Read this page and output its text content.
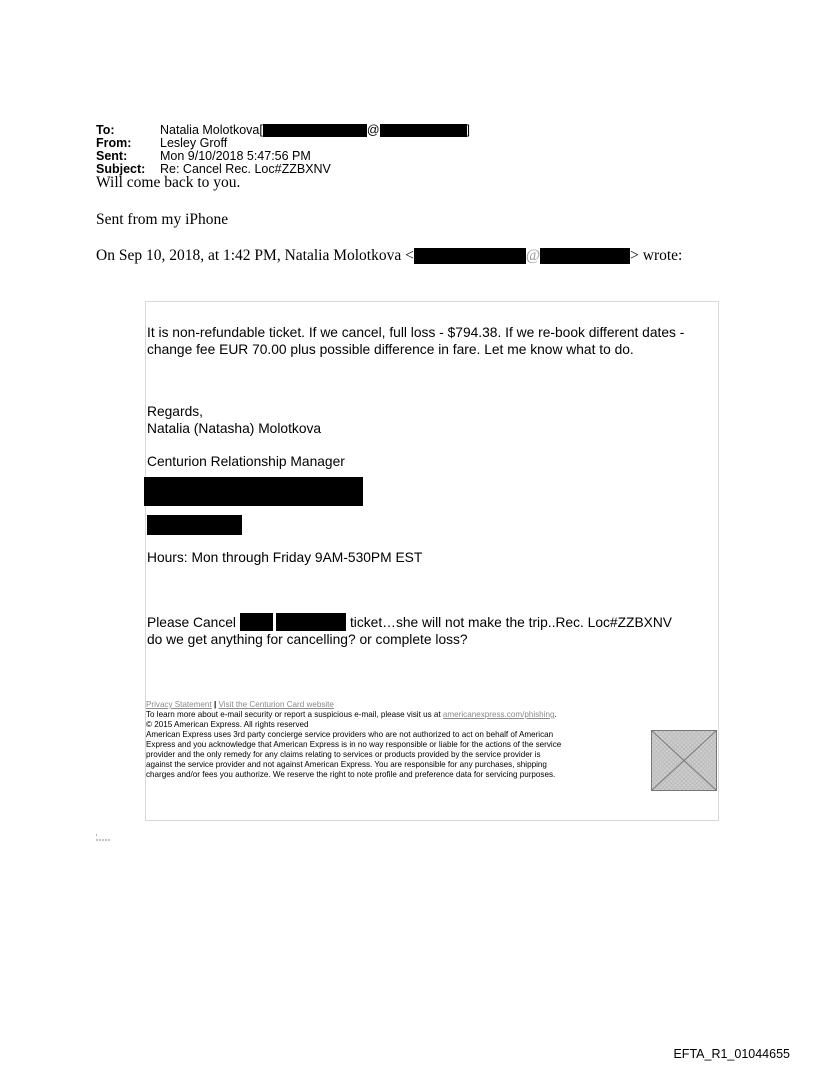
To:	Natalia Molotkova[	@	]
From:	Lesley Groff
Sent:	Mon 9/10/2018 5:47:56 PM
Subject:	Re: Cancel Rec. Loc#ZZBXNV
Will come back to you.
Sent from my iPhone
On Sep 10, 2018, at 1:42 PM, Natalia Molotkova <	@	> wrote:
It is non-refundable ticket. If we cancel, full loss - $794.38. If we re-book different dates -
change fee EUR 70.00 plus possible difference in fare. Let me know what to do.
Regards,
Natalia (Natasha) Molotkova
Centurion Relationship Manager
Hours: Mon through Friday 9AM-530PM EST
Please Cancel	ticket…she will not make the trip..Rec. Loc#ZZBXNV
do we get anything for cancelling? or complete loss?
Privacy Statement | Visit the Centurion Card website
To learn more about e-mail security or report a suspicious e-mail, please visit us at americanexpress.com/phishing.
© 2015 American Express. All rights reserved
American Express uses 3rd party concierge service providers who are not authorized to act on behalf of American
Express and you acknowledge that American Express is in no way responsible or liable for the actions of the service
provider and the only remedy for any claims relating to services or products provided by the service provider is
against the service provider and not against American Express. You are responsible for any purchases, shipping
charges and/or fees you authorize. We reserve the right to note profile and preference data for servicing purposes.
EFTA_R1_01044655
